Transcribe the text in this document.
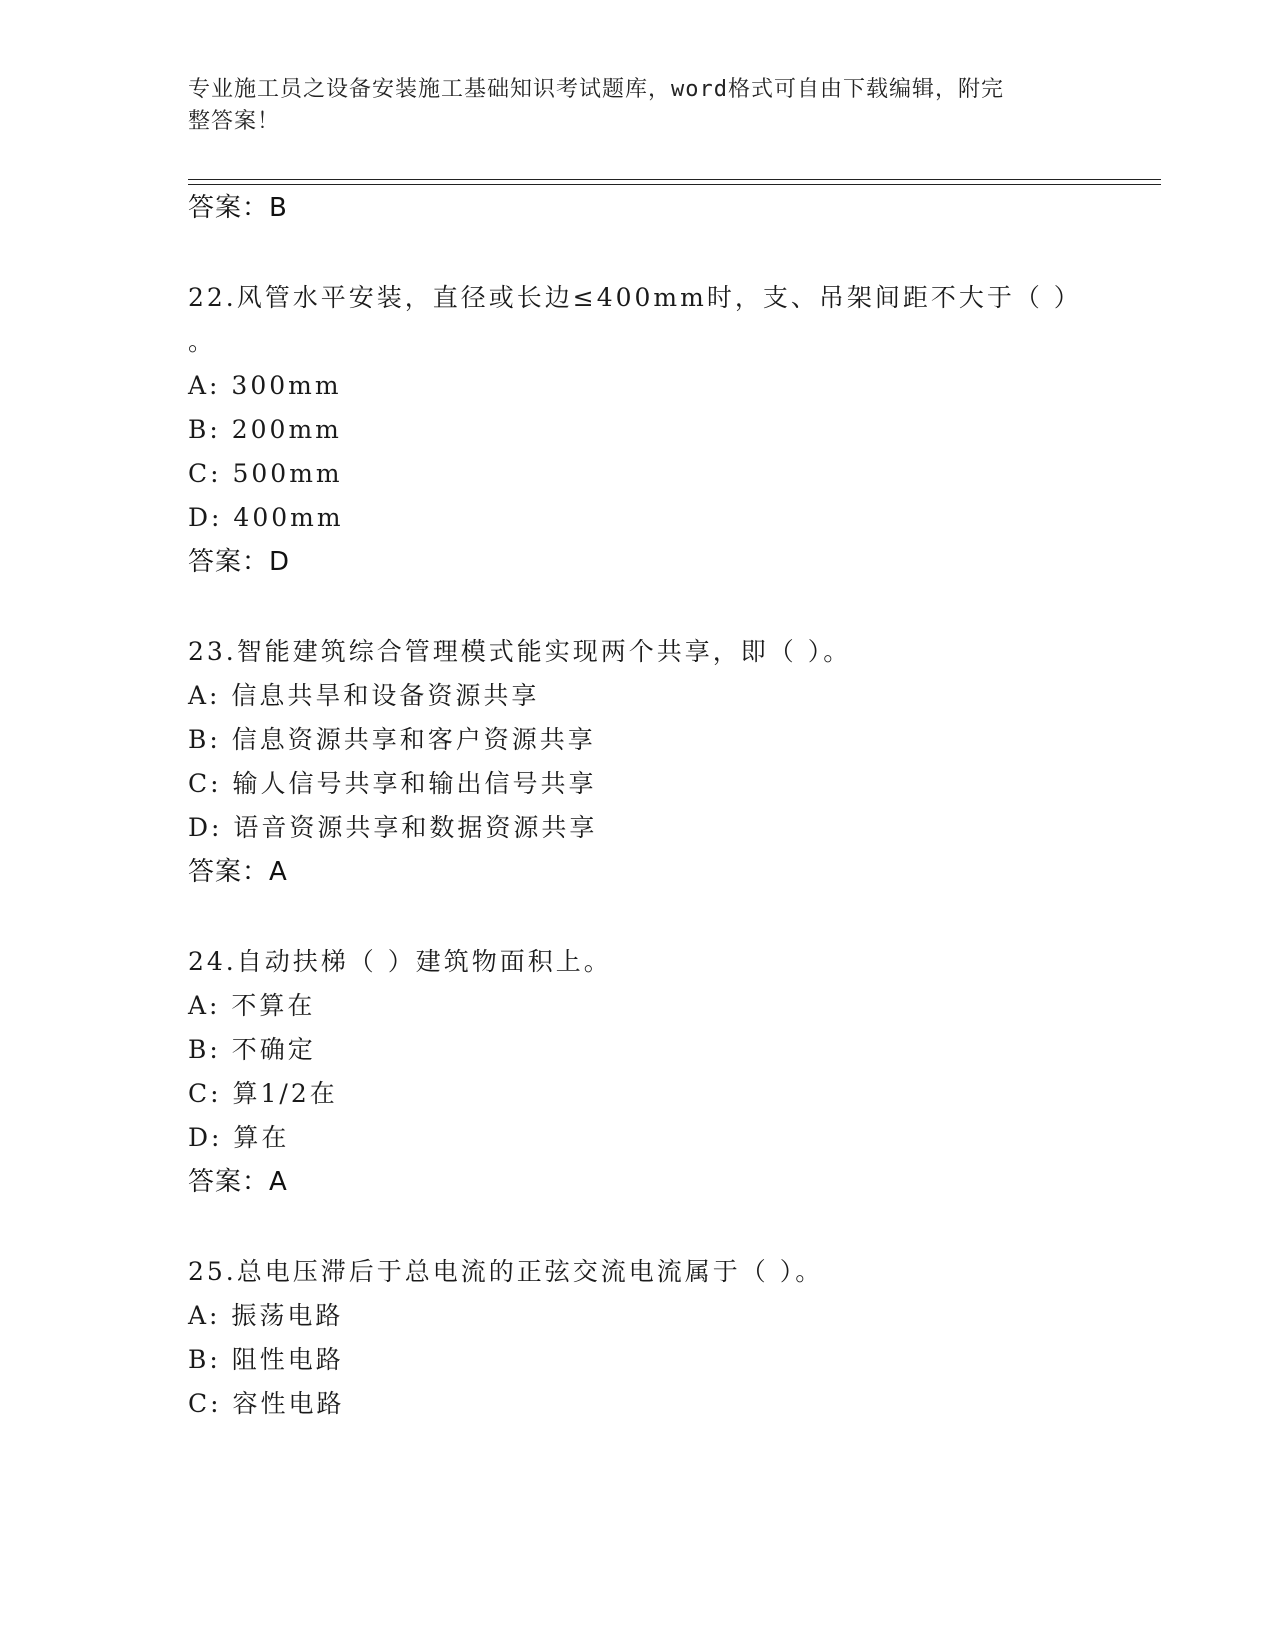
专业施工员之设备安装施工基础知识考试题库，word格式可自由下载编辑，附完
整答案！
答案：B
22.风管水平安装，直径或长边≤400mm时，支、吊架间距不大于（ ）
。
A: 300mm
B: 200mm
C: 500mm
D: 400mm
答案：D
23.智能建筑综合管理模式能实现两个共享，即（ ）。
A: 信息共旱和设备资源共享
B: 信息资源共享和客户资源共享
C: 输人信号共享和输出信号共享
D: 语音资源共享和数据资源共享
答案：A
24.自动扶梯（ ）建筑物面积上。
A: 不算在
B: 不确定
C: 算1/2在
D: 算在
答案：A
25.总电压滞后于总电流的正弦交流电流属于（ ）。
A: 振荡电路
B: 阻性电路
C: 容性电路
